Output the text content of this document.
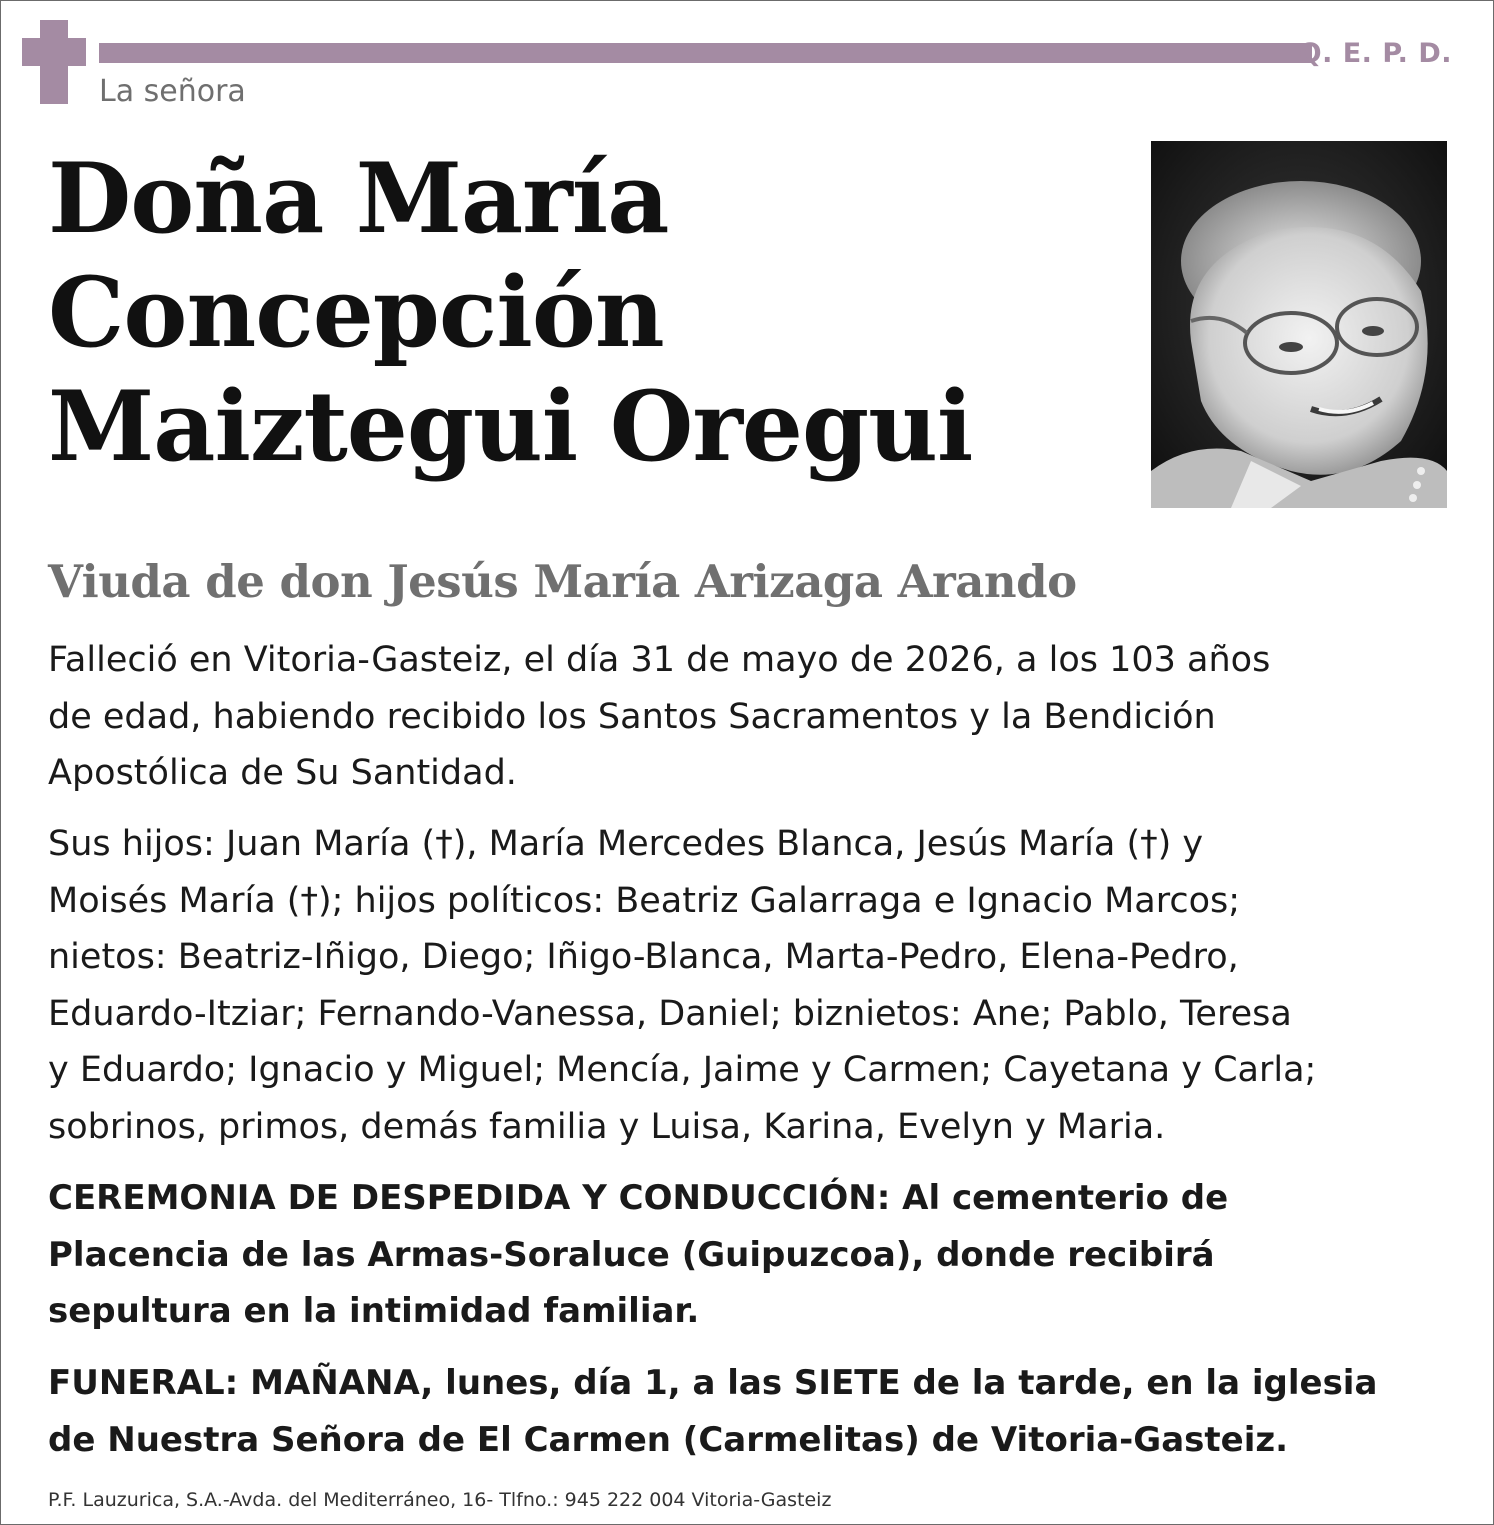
Q. E. P. D.
La señora
Doña María
Concepción
Maiztegui Oregui
Viuda de don Jesús María Arizaga Arando
Falleció en Vitoria-Gasteiz, el día 31 de mayo de 2026, a los 103 años
de edad, habiendo recibido los Santos Sacramentos y la Bendición
Apostólica de Su Santidad.
Sus hijos: Juan María (†), María Mercedes Blanca, Jesús María (†) y
Moisés María (†); hijos políticos: Beatriz Galarraga e Ignacio Marcos;
nietos: Beatriz-Iñigo, Diego; Iñigo-Blanca, Marta-Pedro, Elena-Pedro,
Eduardo-Itziar; Fernando-Vanessa, Daniel; biznietos: Ane; Pablo, Teresa
y Eduardo; Ignacio y Miguel; Mencía, Jaime y Carmen; Cayetana y Carla;
sobrinos, primos, demás familia y Luisa, Karina, Evelyn y Maria.
CEREMONIA DE DESPEDIDA Y CONDUCCIÓN: Al cementerio de
Placencia de las Armas-Soraluce (Guipuzcoa), donde recibirá
sepultura en la intimidad familiar.
FUNERAL: MAÑANA, lunes, día 1, a las SIETE de la tarde, en la iglesia
de Nuestra Señora de El Carmen (Carmelitas) de Vitoria-Gasteiz.
P.F. Lauzurica, S.A.-Avda. del Mediterráneo, 16- Tlfno.: 945 222 004 Vitoria-Gasteiz
